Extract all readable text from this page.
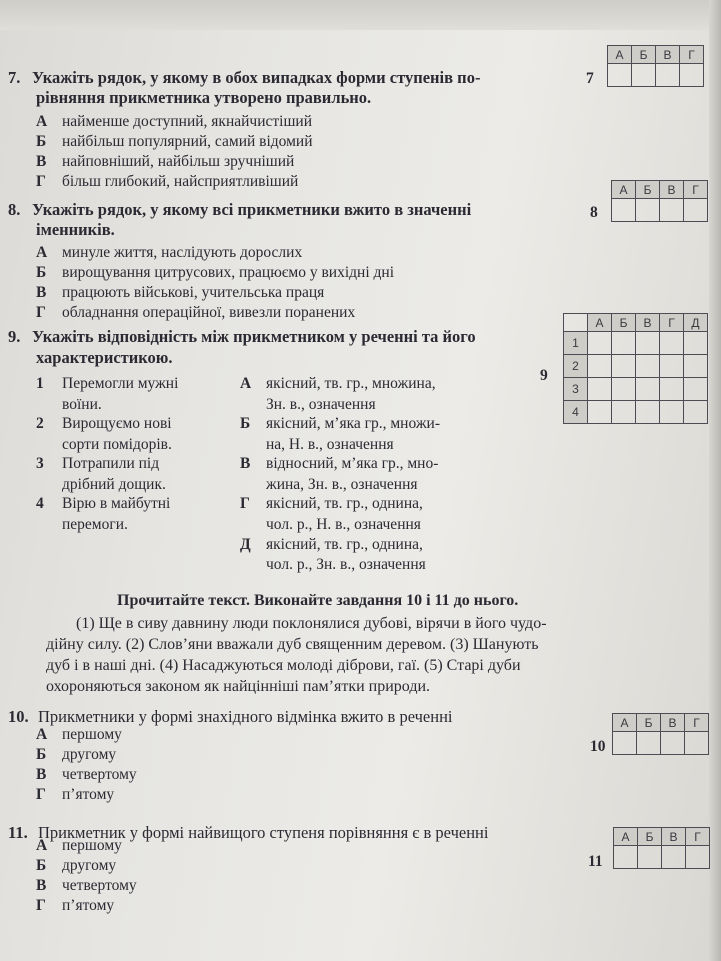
7. Укажіть рядок, у якому в обох випадках форми ступенів по-
рівняння прикметника утворено правильно.
А найменше доступний, якнайчистіший
Б найбільш популярний, самий відомий
В найповніший, найбільш зручніший
Г більш глибокий, найсприятливіший
7
А	Б	В	Г

8. Укажіть рядок, у якому всі прикметники вжито в значенні
іменників.
А минуле життя, наслідують дорослих
Б вирощування цитрусових, працюємо у вихідні дні
В працюють військові, учительська праця
Г обладнання операційної, вивезли поранених
8
А	Б	В	Г

9. Укажіть відповідність між прикметником у реченні та його
характеристикою.
1 Перемогли мужні
воїни.
2 Вирощуємо нові
сорти помідорів.
3 Потрапили під
дрібний дощик.
4 Вірю в майбутні
перемоги.
А якісний, тв. гр., множина,
Зн. в., означення
Б якісний, м’яка гр., множи-
на, Н. в., означення
В відносний, м’яка гр., мно-
жина, Зн. в., означення
Г якісний, тв. гр., однина,
чол. р., Н. в., означення
Д якісний, тв. гр., однина,
чол. р., Зн. в., означення
9
	А	Б	В	Г	Д
1					
2					
3					
4					
Прочитайте текст. Виконайте завдання 10 і 11 до нього.
(1) Ще в сиву давнину люди поклонялися дубові, вірячи в його чудо-
дійну силу. (2) Слов’яни вважали дуб священним деревом. (3) Шанують
дуб і в наші дні. (4) Насаджуються молоді діброви, гаї. (5) Старі дуби
охороняються законом як найцінніші пам’ятки природи.
10. Прикметники у формі знахідного відмінка вжито в реченні
А першому
Б другому
В четвертому
Г п’ятому
10
А	Б	В	Г

11. Прикметник у формі найвищого ступеня порівняння є в реченні
А першому
Б другому
В четвертому
Г п’ятому
11
А	Б	В	Г
